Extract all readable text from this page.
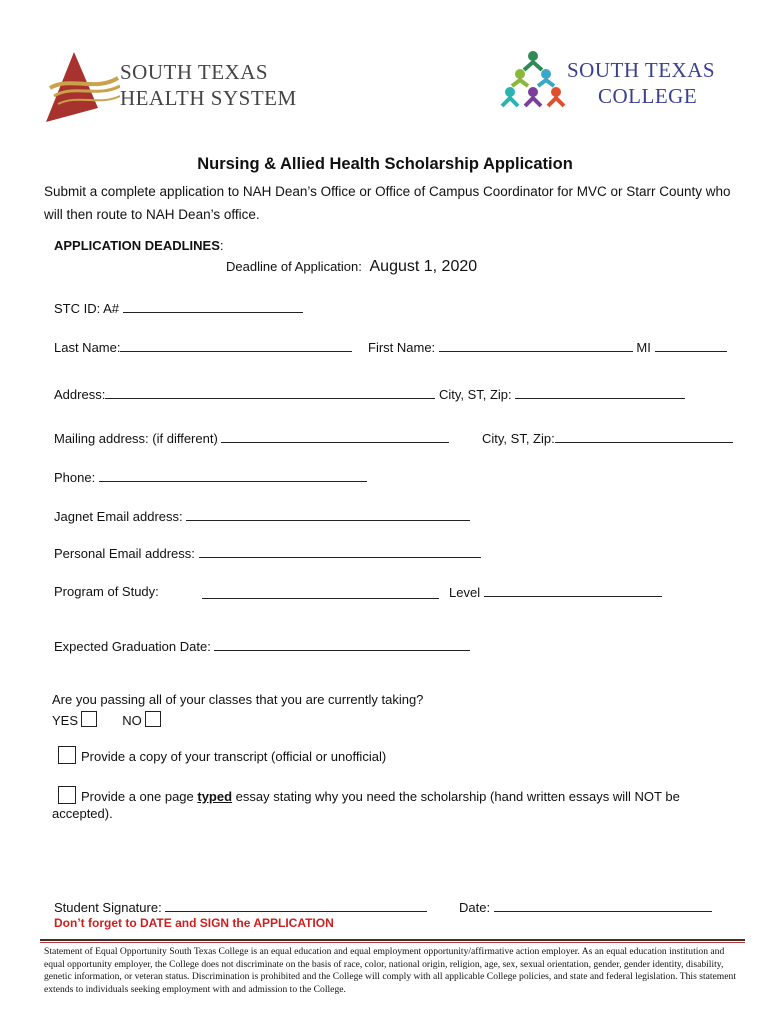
SOUTH TEXAS
HEALTH SYSTEM
SOUTH TEXAS
COLLEGE
Nursing & Allied Health Scholarship Application
Submit a complete application to NAH Dean’s Office or Office of Campus Coordinator for MVC or Starr County who will then route to NAH Dean’s office.
APPLICATION DEADLINES:
Deadline of Application: August 1, 2020
STC ID: A#
Last Name:	First Name:	MI
Address:	City, ST, Zip:
Mailing address: (if different)	City, ST, Zip:
Phone:
Jagnet Email address:
Personal Email address:
Program of Study:	Level
Expected Graduation Date:
Are you passing all of your classes that you are currently taking?
YES	NO
Provide a copy of your transcript (official or unofficial)
Provide a one page typed essay stating why you need the scholarship (hand written essays will NOT be
accepted).
Student Signature:	Date:
Don’t forget to DATE and SIGN the APPLICATION
Statement of Equal Opportunity South Texas College is an equal education and equal employment opportunity/affirmative action employer. As an equal education institution and equal opportunity employer, the College does not discriminate on the basis of race, color, national origin, religion, age, sex, sexual orientation, gender, gender identity, disability, genetic information, or veteran status. Discrimination is prohibited and the College will comply with all applicable College policies, and state and federal legislation. This statement extends to individuals seeking employment with and admission to the College.
